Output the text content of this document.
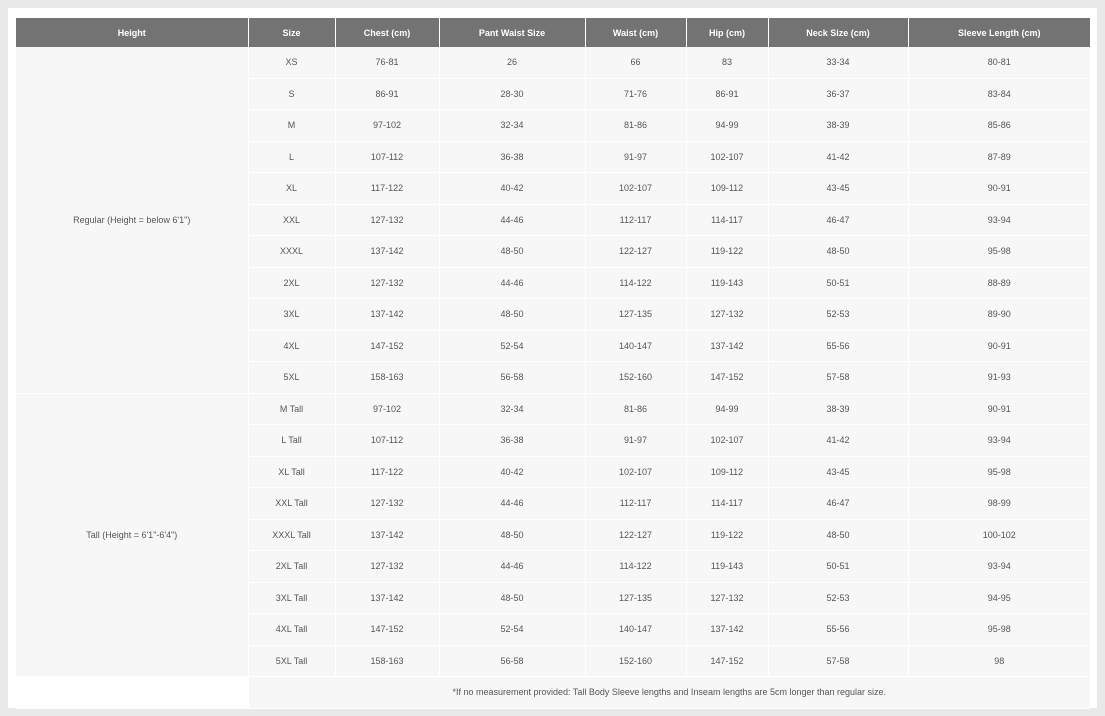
Height	Size	Chest (cm)	Pant Waist Size	Waist (cm)	Hip (cm)	Neck Size (cm)	Sleeve Length (cm)
Regular (Height = below 6'1")	XS	76-81	26	66	83	33-34	80-81
	S	86-91	28-30	71-76	86-91	36-37	83-84
	M	97-102	32-34	81-86	94-99	38-39	85-86
	L	107-112	36-38	91-97	102-107	41-42	87-89
	XL	117-122	40-42	102-107	109-112	43-45	90-91
	XXL	127-132	44-46	112-117	114-117	46-47	93-94
	XXXL	137-142	48-50	122-127	119-122	48-50	95-98
	2XL	127-132	44-46	114-122	119-143	50-51	88-89
	3XL	137-142	48-50	127-135	127-132	52-53	89-90
	4XL	147-152	52-54	140-147	137-142	55-56	90-91
	5XL	158-163	56-58	152-160	147-152	57-58	91-93
Tall (Height = 6'1"-6'4")	M Tall	97-102	32-34	81-86	94-99	38-39	90-91
	L Tall	107-112	36-38	91-97	102-107	41-42	93-94
	XL Tall	117-122	40-42	102-107	109-112	43-45	95-98
	XXL Tall	127-132	44-46	112-117	114-117	46-47	98-99
	XXXL Tall	137-142	48-50	122-127	119-122	48-50	100-102
	2XL Tall	127-132	44-46	114-122	119-143	50-51	93-94
	3XL Tall	137-142	48-50	127-135	127-132	52-53	94-95
	4XL Tall	147-152	52-54	140-147	137-142	55-56	95-98
	5XL Tall	158-163	56-58	152-160	147-152	57-58	98
	*If no measurement provided: Tall Body Sleeve lengths and Inseam lengths are 5cm longer than regular size.						
